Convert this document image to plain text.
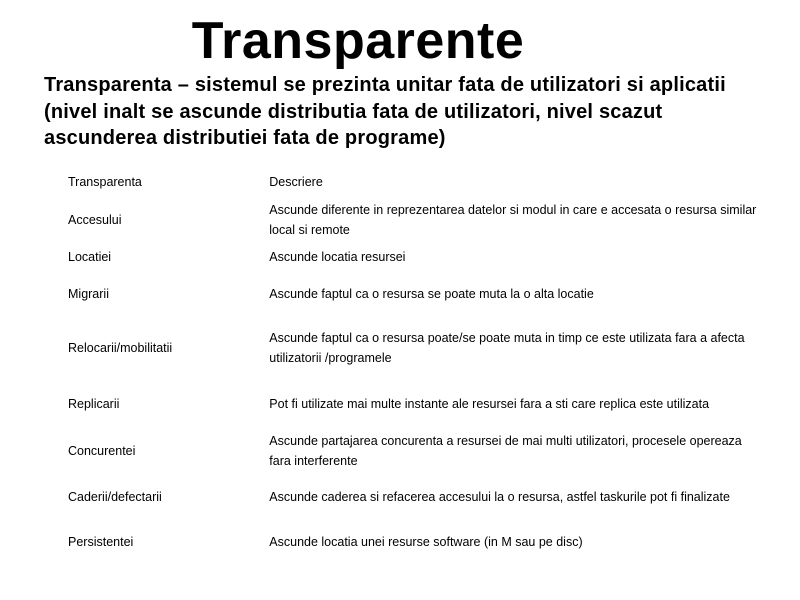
Transparente
Transparenta – sistemul se prezinta unitar fata de utilizatori si aplicatii (nivel inalt se ascunde distributia fata de utilizatori, nivel scazut ascunderea distributiei fata de programe)
Transparenta	Descriere
Accesului	Ascunde diferente in reprezentarea datelor si modul in care e accesata o resursa similar local si remote
Locatiei	Ascunde locatia resursei
Migrarii	Ascunde faptul ca o resursa se poate muta la o alta locatie
Relocarii/mobilitatii	Ascunde faptul ca o resursa poate/se poate muta in timp ce este utilizata fara a afecta utilizatorii /programele
Replicarii	Pot fi utilizate mai multe instante ale resursei fara a sti care replica este utilizata
Concurentei	Ascunde partajarea concurenta a resursei de mai multi utilizatori, procesele opereaza fara interferente
Caderii/defectarii	Ascunde caderea si refacerea accesului la o resursa, astfel taskurile pot fi finalizate
Persistentei	Ascunde locatia unei resurse software (in M sau pe disc)
